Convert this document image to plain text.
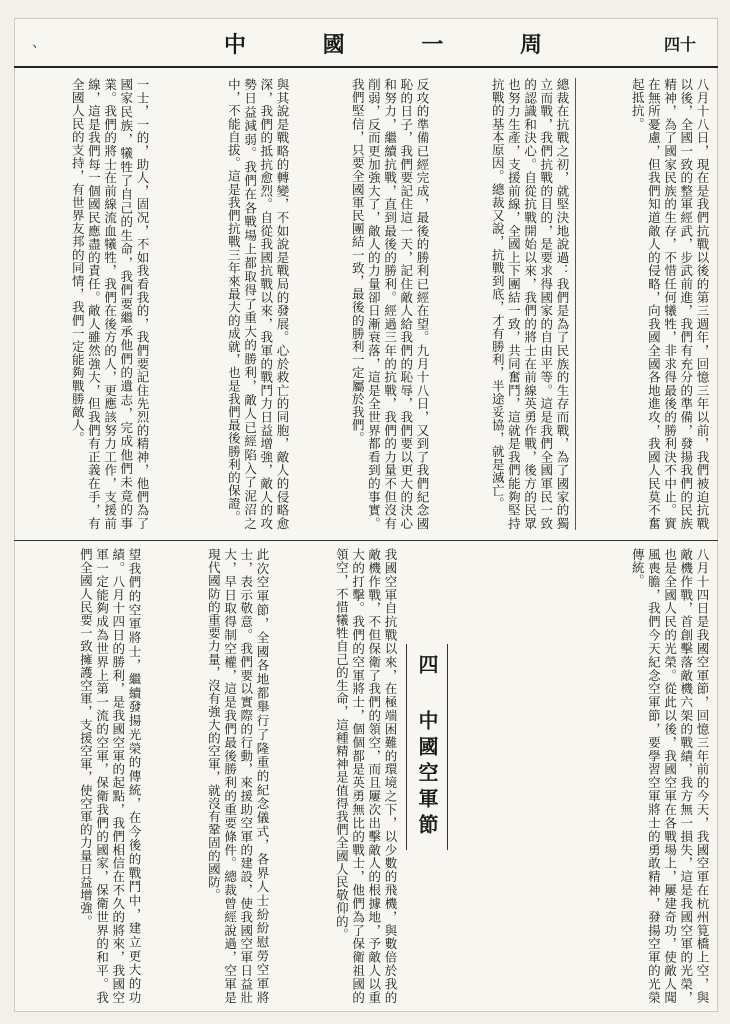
、	中	國	一	周	四十
八月十八日，現在是我們抗戰以後的第三週年，回憶三年以前，我們被迫抗戰以後，全國一致的整軍經武，步武前進，我們有充分的準備，發揚我們的民族精神，為了國家民族的生存，不惜任何犧牲，非求得最後的勝利決不中止。實在無所憂慮，但我們知道敵人的侵略，向我國全國各地進攻，我國人民莫不奮起抵抗。
總裁在抗戰之初，就堅決地說過：我們是為了民族的生存而戰，為了國家的獨立而戰，我們抗戰的目的，是要求得國家的自由平等。這是我們全國軍民一致的認識和決心。自從抗戰開始以來，我們的將士在前線英勇作戰，後方的民眾也努力生產，支援前線，全國上下團結一致，共同奮鬥，這就是我們能夠堅持抗戰的基本原因。總裁又說，抗戰到底，才有勝利，半途妥協，就是滅亡。
反攻的準備已經完成，最後的勝利已經在望。九月十八日，又到了我們紀念國恥的日子，我們要記住這一天，記住敵人給我們的恥辱，我們要以更大的決心和努力，繼續抗戰，直到最後的勝利。經過三年的抗戰，我們的力量不但沒有削弱，反而更加強大了，敵人的力量卻日漸衰落，這是全世界都看到的事實。我們堅信，只要全國軍民團結一致，最後的勝利一定屬於我們。
與其說是戰略的轉變，不如說是戰局的發展。心於救亡的同胞，敵人的侵略愈深，我們的抵抗愈烈。自從我國抗戰以來，我軍的戰鬥力日益增強，敵人的攻勢日益減弱。我們在各戰場上都取得了重大的勝利，敵人已經陷入了泥沼之中，不能自拔。這是我們抗戰三年來最大的成就，也是我們最後勝利的保證。
一士，一的，助人，固况，不如我看我的，我們要記住先烈的精神，他們為了國家民族，犧牲了自己的生命，我們要繼承他們的遺志，完成他們未竟的事業。我們的將士在前線流血犧牲，我們在後方的人，更應該努力工作，支援前線，這是我們每一個國民應盡的責任。敵人雖然強大，但我們有正義在手，有全國人民的支持，有世界友邦的同情，我們一定能夠戰勝敵人。
八月十四日是我國空軍節，回憶三年前的今天，我國空軍在杭州筧橋上空，與敵機作戰，首創擊落敵機六架的戰績，我方無一損失，這是我國空軍的光榮，也是全國人民的光榮。從此以後，我國空軍在各戰場上，屢建奇功，使敵人聞風喪膽，我們今天紀念空軍節，要學習空軍將士的勇敢精神，發揚空軍的光榮傳統。
四 中國空軍節
我國空軍自抗戰以來，在極端困難的環境之下，以少數的飛機，與數倍於我的敵機作戰，不但保衛了我們的領空，而且屢次出擊敵人的根據地，予敵人以重大的打擊。我們的空軍將士，個個都是英勇無比的戰士，他們為了保衛祖國的領空，不惜犧牲自己的生命，這種精神是值得我們全國人民敬仰的。
此次空軍節，全國各地都舉行了隆重的紀念儀式，各界人士紛紛慰勞空軍將士，表示敬意。我們要以實際的行動，來援助空軍的建設，使我國空軍日益壯大，早日取得制空權，這是我們最後勝利的重要條件。總裁曾經說過，空軍是現代國防的重要力量，沒有強大的空軍，就沒有鞏固的國防。
望我們的空軍將士，繼續發揚光榮的傳統，在今後的戰鬥中，建立更大的功績。八月十四日的勝利，是我國空軍的起點，我們相信在不久的將來，我國空軍一定能夠成為世界上第一流的空軍，保衛我們的國家，保衛世界的和平。我們全國人民要一致擁護空軍，支援空軍，使空軍的力量日益增強。
